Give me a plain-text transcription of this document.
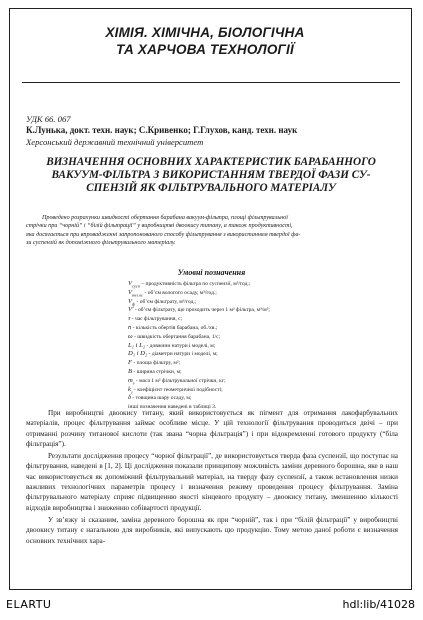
ХІМІЯ. ХІМІЧНА, БІОЛОГІЧНА
ТА ХАРЧОВА ТЕХНОЛОГІЇ
УДК 66. 067
К.Лунька, докт. техн. наук; С.Кривенко; Г.Глухов, канд. техн. наук
Херсонський державний технічний університет
ВИЗНАЧЕННЯ ОСНОВНИХ ХАРАКТЕРИСТИК БАРАБАННОГО ВАКУУМ-ФІЛЬТРА З ВИКОРИСТАННЯМ ТВЕРДОЇ ФАЗИ СУ-СПЕНЗІЙ ЯК ФІЛЬТРУВАЛЬНОГО МАТЕРІАЛУ

Проведено розрахунки швидкості обертання барабана вакуум-фільтра, площі фільтрувальної

стрічки при “чорній” і “білій фільтрації” у виробництві двоокису титану, а також продуктивності,

яка досягається при впровадженні запропонованого способу фільтрування з використанням твердої фа-

зи суспензій як допоміжного фільтрувального матеріалу.

Умовні позначення
$V_{сусп}$ – продуктивність фільтра по суспензії, м³/год.;
$V_{вол.ос}$ - об’єм вологого осаду, м³/год.;
$V_ф$ - об’єм фільтрату, м³/год.;
V' - об’єм фільтрату, що проходить через 1 м² фільтра, м³/м²;
τ - час фільтрування, с;
n - кількість обертів барабана, об./хв.;
ω - швидкість обертання барабана, 1/с;
L₁ і L₂ - довжини натури і моделі, м;
D₁ і D₂ - діаметри натури і моделі, м;
F - площа фільтру, м²;
B - ширина стрічки, м;
$m_з$ - маса 1 м² фільтрувальної стрічки, кг;
$k_г$ - коефіцієнт геометричної подібності;
δ - товщина шару осаду, м;
інші позначення наведені в таблиці 3.

При виробництві двоокису титану, який використовується як пігмент для отримання лакофарбувальних матеріалів, процес фільтрування займає особливе місце. У цій технології фільтрування проводиться двічі – при отриманні розчину титанової кислоти (так звана “чорна фільтрація”) і при відокремленні готового продукту (“біла фільтрація”).

Результати дослідження процесу “чорної фільтрації”, де використовується тверда фаза суспензії, що поступає на фільтрування, наведені в [1, 2]. Ці дослідження показали принципову можливість заміни деревного борошна, яке в наш час використовується як допоміжний фільтрувальний матеріал, на тверду фазу суспензії, а також встановлення низки важливих технологічних параметрів процесу і визначення режиму проведення процесу фільтрування. Заміна фільтрувального матеріалу сприяє підвищенню якості кінцевого продукту – двоокису титану, зменшенню кількості відходів виробництва і зниженню собівартості продукції.

У зв’язку зі сказаним, заміна деревного борошна як при “чорній”, так і при “білій фільтрації” у виробництві двоокису титану є нагальною для виробників, які випускають цю продукцію. Тому метою даної роботи є визначення основних технічних хара-

ELARTU	hdl:lib/41028
